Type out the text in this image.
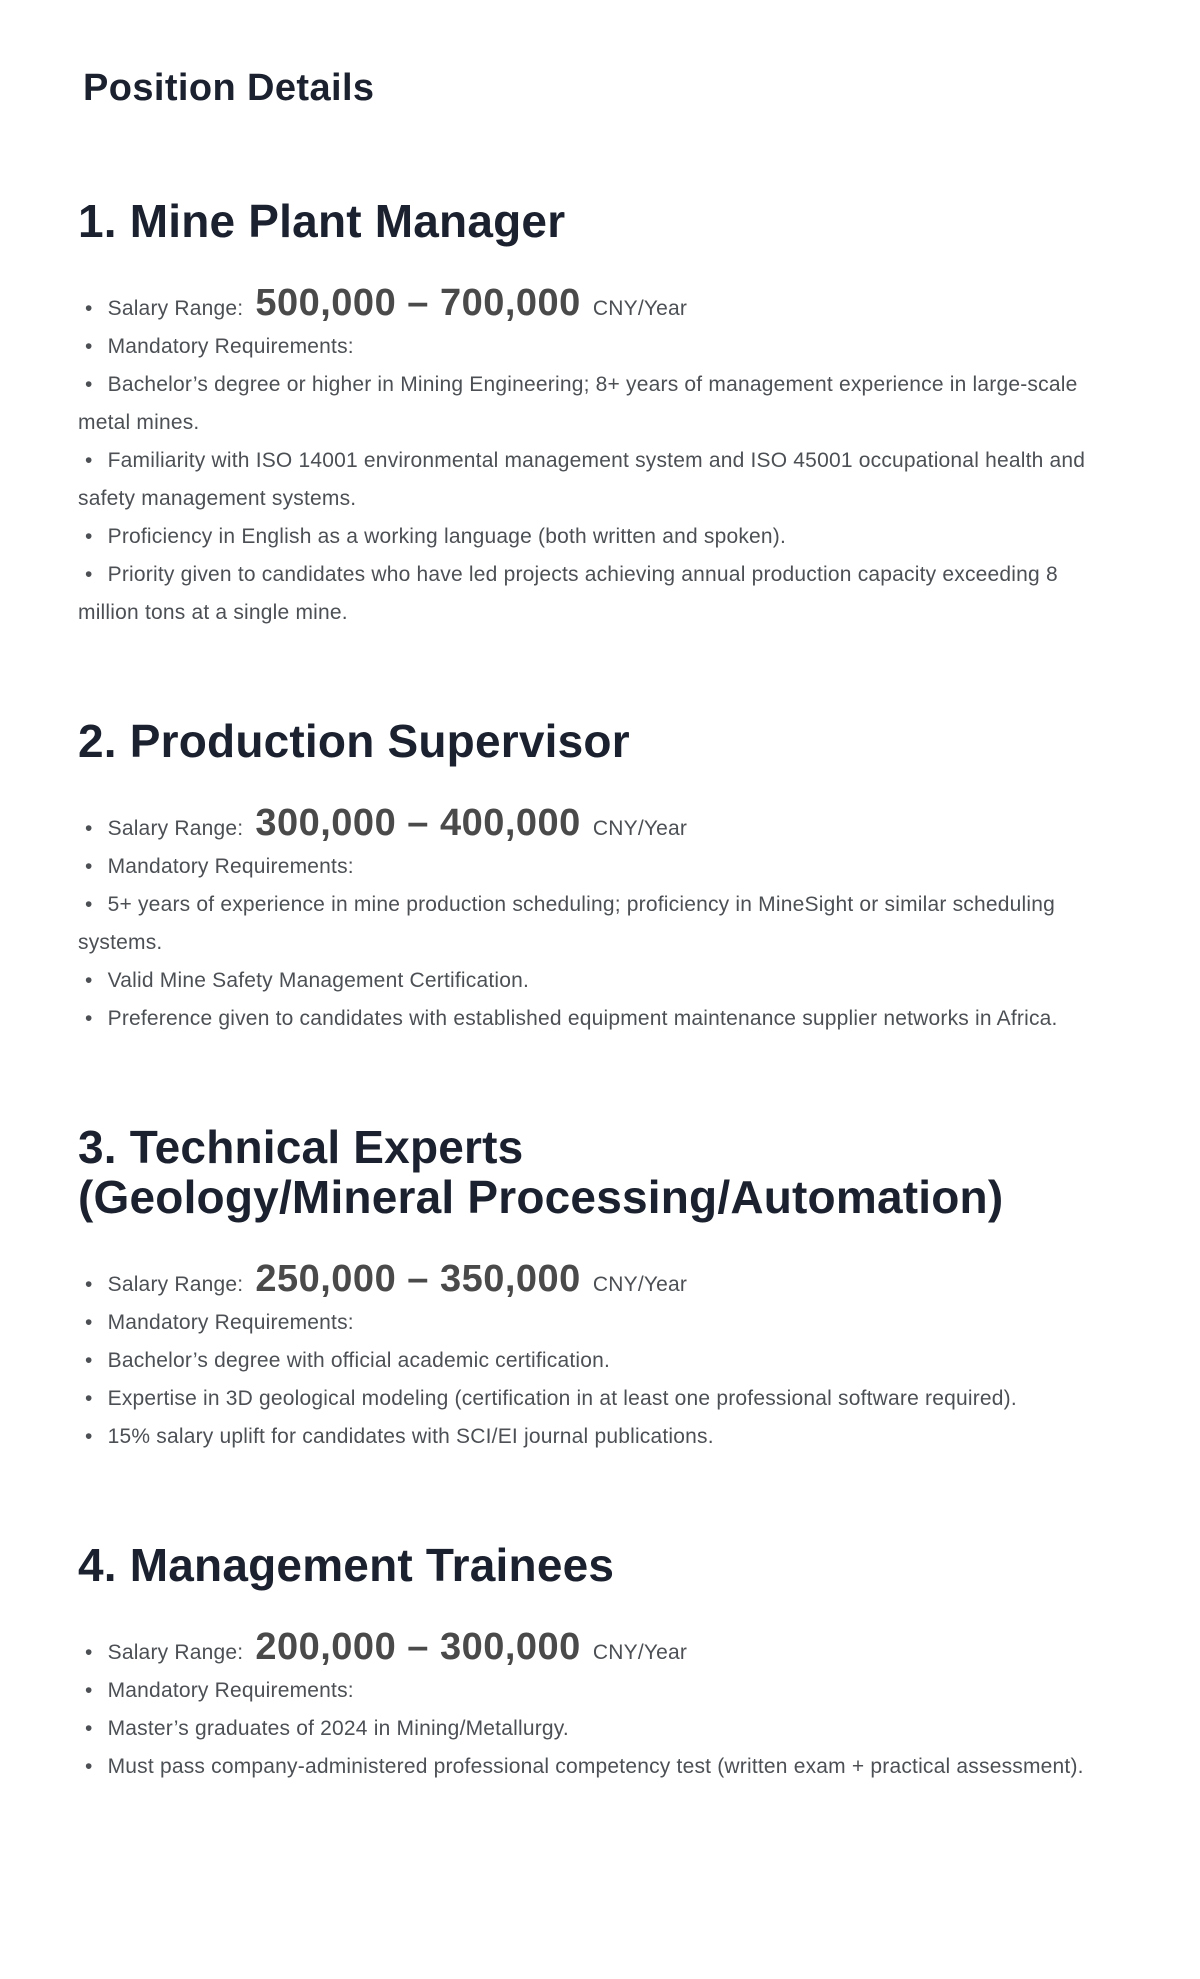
Position Details
1. Mine Plant Manager

• Salary Range: 500,000 – 700,000 CNY/Year

• Mandatory Requirements:

• Bachelor’s degree or higher in Mining Engineering; 8+ years of management experience in large-scale metal mines.

• Familiarity with ISO 14001 environmental management system and ISO 45001 occupational health and safety management systems.

• Proficiency in English as a working language (both written and spoken).

• Priority given to candidates who have led projects achieving annual production capacity exceeding 8 million tons at a single mine.

2. Production Supervisor

• Salary Range: 300,000 – 400,000 CNY/Year

• Mandatory Requirements:

• 5+ years of experience in mine production scheduling; proficiency in MineSight or similar scheduling systems.

• Valid Mine Safety Management Certification.

• Preference given to candidates with established equipment maintenance supplier networks in Africa.

3. Technical Experts
(Geology/Mineral Processing/Automation)

• Salary Range: 250,000 – 350,000 CNY/Year

• Mandatory Requirements:

• Bachelor’s degree with official academic certification.

• Expertise in 3D geological modeling (certification in at least one professional software required).

• 15% salary uplift for candidates with SCI/EI journal publications.

4. Management Trainees

• Salary Range: 200,000 – 300,000 CNY/Year

• Mandatory Requirements:

• Master’s graduates of 2024 in Mining/Metallurgy.

• Must pass company-administered professional competency test (written exam + practical assessment).
